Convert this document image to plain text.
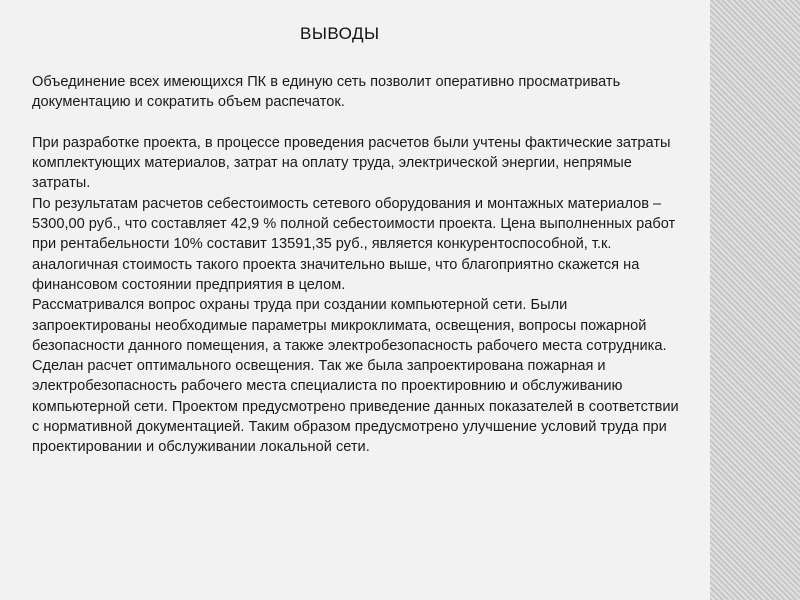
ВЫВОДЫ

Объединение всех имеющихся ПК в единую сеть позволит оперативно просматривать документацию и сократить объем распечаток.

При разработке проекта, в процессе проведения расчетов были учтены фактические затраты комплектующих материалов, затрат на оплату труда, электрической энергии, непрямые затраты.

По результатам расчетов себестоимость сетевого оборудования и монтажных материалов – 5300,00 руб., что составляет 42,9 % полной себестоимости проекта. Цена выполненных работ при рентабельности 10% составит 13591,35 руб., является конкурентоспособной, т.к. аналогичная стоимость такого проекта значительно выше, что благоприятно скажется на финансовом состоянии предприятия в целом.

Рассматривался вопрос охраны труда при создании компьютерной сети. Были запроектированы необходимые параметры микроклимата, освещения, вопросы пожарной безопасности данного помещения, а также электробезопасность рабочего места сотрудника.

Сделан расчет оптимального освещения. Так же была запроектирована пожарная и электробезопасность рабочего места специалиста по проектировнию и обслуживанию компьютерной сети. Проектом предусмотрено приведение данных показателей в соответствии с нормативной документацией. Таким образом предусмотрено улучшение условий труда при проектировании и обслуживании локальной сети.
